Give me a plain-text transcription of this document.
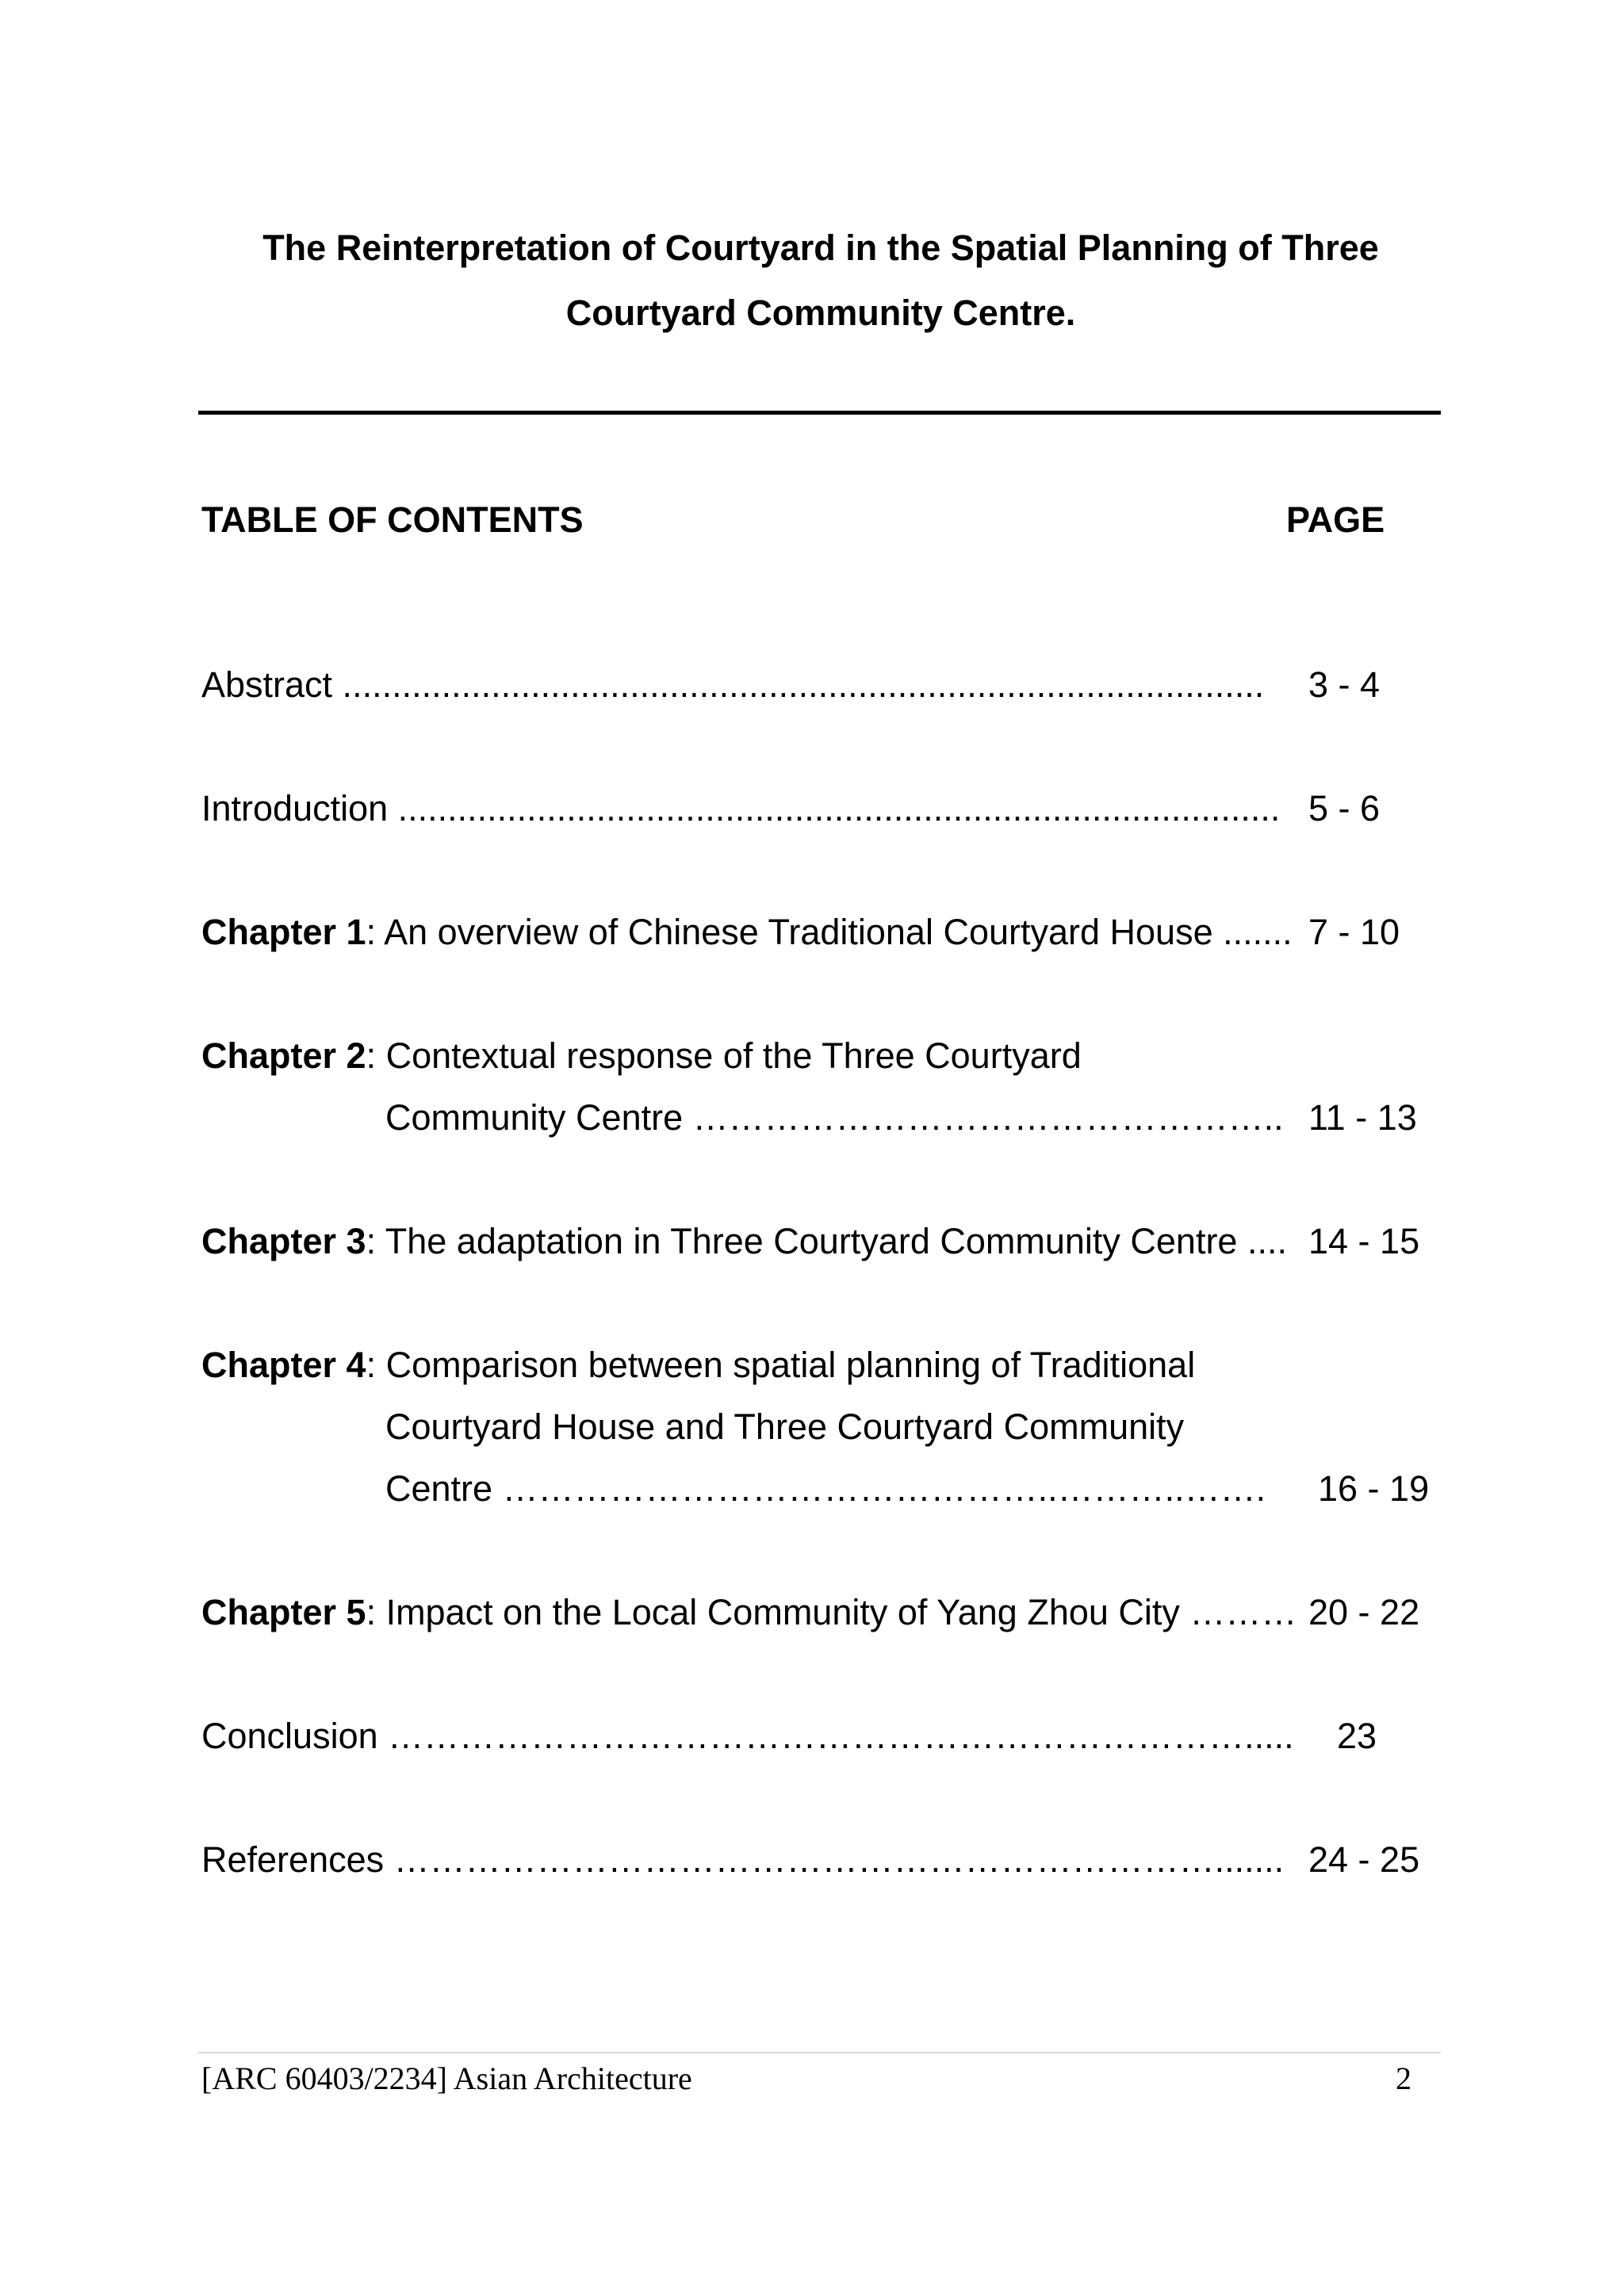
The Reinterpretation of Courtyard in the Spatial Planning of Three
Courtyard Community Centre.
TABLE OF CONTENTS	PAGE
Abstract ............................................................................................. 3 - 4
Introduction ......................................................................................... 5 - 6
Chapter 1: An overview of Chinese Traditional Courtyard House ....... 7 - 10
Chapter 2: Contextual response of the Three Courtyard
Community Centre ………………………………………….. 11 - 13
Chapter 3: The adaptation in Three Courtyard Community Centre .... 14 - 15
Chapter 4: Comparison between spatial planning of Traditional
Courtyard House and Three Courtyard Community
Centre ………………………………………..………..……. 16 - 19
Chapter 5: Impact on the Local Community of Yang Zhou City ……… 20 - 22
Conclusion ………………………………………………………………..... 23
References ……………………………………………………………....... 24 - 25
[ARC 60403/2234] Asian Architecture	2
